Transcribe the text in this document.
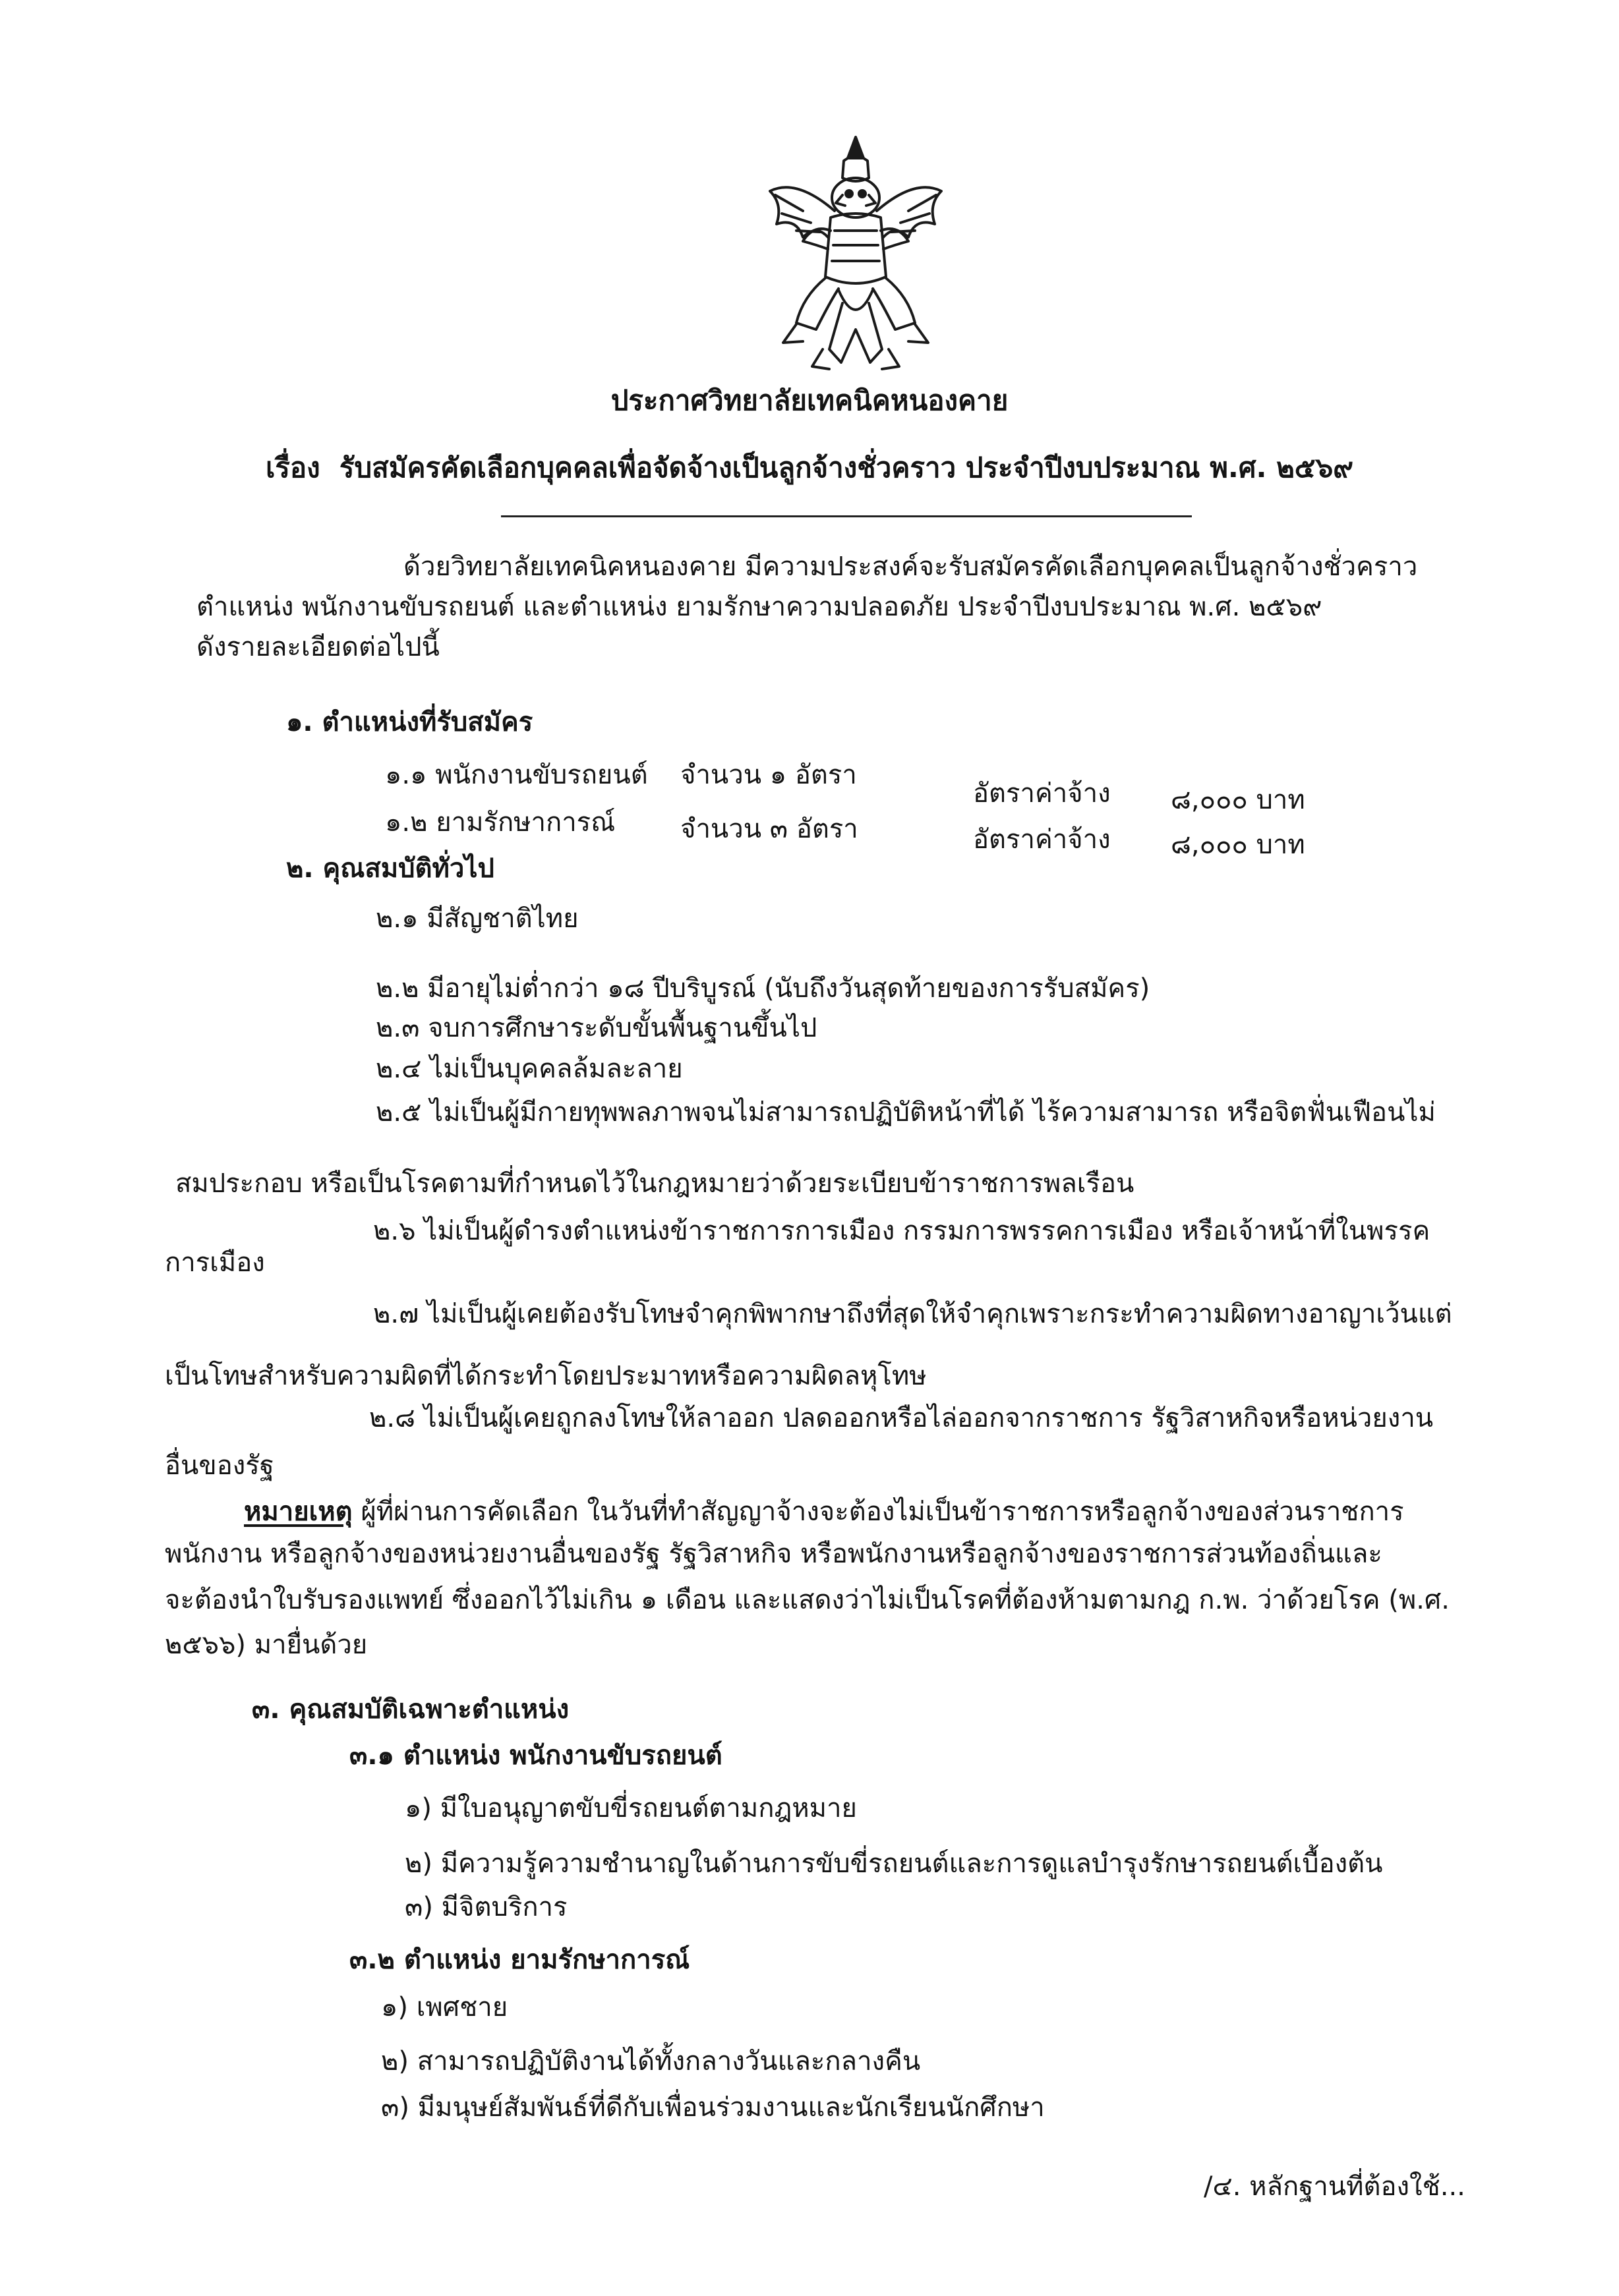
ประกาศวิทยาลัยเทคนิคหนองคาย
เรื่อง รับสมัครคัดเลือกบุคคลเพื่อจัดจ้างเป็นลูกจ้างชั่วคราว ประจำปีงบประมาณ พ.ศ. ๒๕๖๙
ด้วยวิทยาลัยเทคนิคหนองคาย มีความประสงค์จะรับสมัครคัดเลือกบุคคลเป็นลูกจ้างชั่วคราว
ตำแหน่ง พนักงานขับรถยนต์ และตำแหน่ง ยามรักษาความปลอดภัย ประจำปีงบประมาณ พ.ศ. ๒๕๖๙
ดังรายละเอียดต่อไปนี้
๑. ตำแหน่งที่รับสมัคร
๑.๑ พนักงานขับรถยนต์ จำนวน ๑ อัตรา
อัตราค่าจ้าง ๘,๐๐๐ บาท
๑.๒ ยามรักษาการณ์ จำนวน ๓ อัตรา	อัตราค่าจ้าง ๘,๐๐๐ บาท
๒. คุณสมบัติทั่วไป
๒.๑ มีสัญชาติไทย
๒.๒ มีอายุไม่ต่ำกว่า ๑๘ ปีบริบูรณ์ (นับถึงวันสุดท้ายของการรับสมัคร)
๒.๓ จบการศึกษาระดับขั้นพื้นฐานขึ้นไป
๒.๔ ไม่เป็นบุคคลล้มละลาย
๒.๕ ไม่เป็นผู้มีกายทุพพลภาพจนไม่สามารถปฏิบัติหน้าที่ได้ ไร้ความสามารถ หรือจิตฟั่นเฟือนไม่
สมประกอบ หรือเป็นโรคตามที่กำหนดไว้ในกฎหมายว่าด้วยระเบียบข้าราชการพลเรือน
๒.๖ ไม่เป็นผู้ดำรงตำแหน่งข้าราชการการเมือง กรรมการพรรคการเมือง หรือเจ้าหน้าที่ในพรรค
การเมือง
๒.๗ ไม่เป็นผู้เคยต้องรับโทษจำคุกพิพากษาถึงที่สุดให้จำคุกเพราะกระทำความผิดทางอาญาเว้นแต่
เป็นโทษสำหรับความผิดที่ได้กระทำโดยประมาทหรือความผิดลหุโทษ
๒.๘ ไม่เป็นผู้เคยถูกลงโทษให้ลาออก ปลดออกหรือไล่ออกจากราชการ รัฐวิสาหกิจหรือหน่วยงาน
อื่นของรัฐ
หมายเหตุ ผู้ที่ผ่านการคัดเลือก ในวันที่ทำสัญญาจ้างจะต้องไม่เป็นข้าราชการหรือลูกจ้างของส่วนราชการ
พนักงาน หรือลูกจ้างของหน่วยงานอื่นของรัฐ รัฐวิสาหกิจ หรือพนักงานหรือลูกจ้างของราชการส่วนท้องถิ่นและ
จะต้องนำใบรับรองแพทย์ ซึ่งออกไว้ไม่เกิน ๑ เดือน และแสดงว่าไม่เป็นโรคที่ต้องห้ามตามกฎ ก.พ. ว่าด้วยโรค (พ.ศ.
๒๕๖๖) มายื่นด้วย
๓. คุณสมบัติเฉพาะตำแหน่ง
๓.๑ ตำแหน่ง พนักงานขับรถยนต์
๑) มีใบอนุญาตขับขี่รถยนต์ตามกฎหมาย
๒) มีความรู้ความชำนาญในด้านการขับขี่รถยนต์และการดูแลบำรุงรักษารถยนต์เบื้องต้น
๓) มีจิตบริการ
๓.๒ ตำแหน่ง ยามรักษาการณ์
๑) เพศชาย
๒) สามารถปฏิบัติงานได้ทั้งกลางวันและกลางคืน
๓) มีมนุษย์สัมพันธ์ที่ดีกับเพื่อนร่วมงานและนักเรียนนักศึกษา
/๔. หลักฐานที่ต้องใช้...
